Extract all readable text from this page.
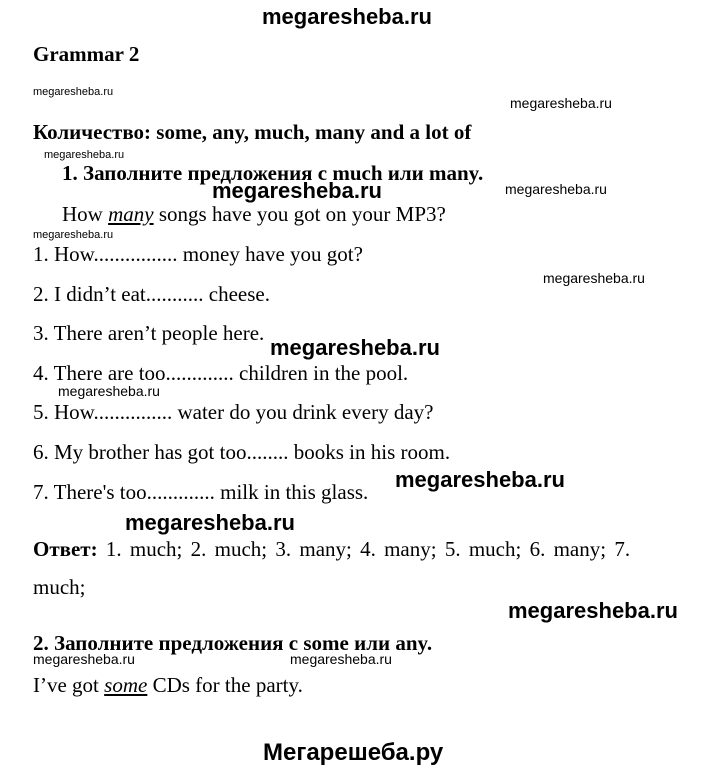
megaresheba.ru
Grammar 2
megaresheba.ru
megaresheba.ru
Количество: some, any, much, many and a lot of
megaresheba.ru
1. Заполните предложения с much или many.
megaresheba.ru	megaresheba.ru
How many songs have you got on your MP3?
megaresheba.ru
1. How................ money have you got?
megaresheba.ru
2. I didn’t eat........... cheese.
3. There aren’t people here.
megaresheba.ru
4. There are too............. children in the pool.
megaresheba.ru
5. How............... water do you drink every day?
6. My brother has got too........ books in his room.
megaresheba.ru
7. There's too............. milk in this glass.
megaresheba.ru
Ответ: 1. much; 2. much; 3. many; 4. many; 5. much; 6. many; 7.
much;
megaresheba.ru
2. Заполните предложения с some или any.
megaresheba.ru	megaresheba.ru
I’ve got some CDs for the party.
Мегарешеба.ру
